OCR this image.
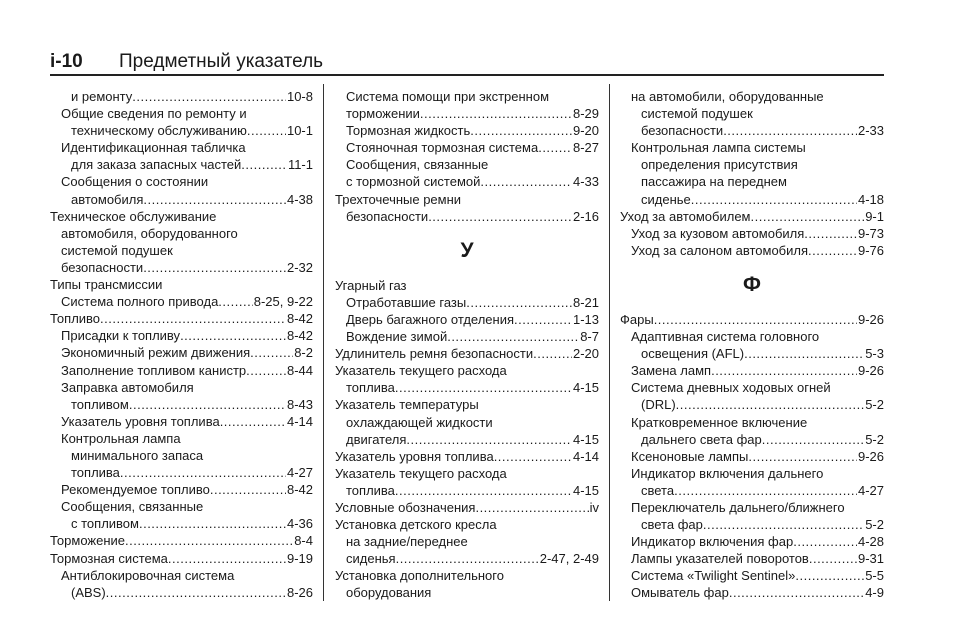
i-10 Предметный указатель
и ремонту .....	10-8
Общие сведения по ремонту и
техническому обслуживанию .....	10-1
Идентификационная табличка
для заказа запасных частей .....	11-1
Сообщения о состоянии
автомобиля .....	4-38
Техническое обслуживание
автомобиля, оборудованного
системой подушек
безопасности .....	2-32
Типы трансмиссии
Система полного привода .....	8-25, 9-22
Топливо .....	8-42
Присадки к топливу .....	8-42
Экономичный режим движения .....	8-2
Заполнение топливом канистр .....	8-44
Заправка автомобиля
топливом .....	8-43
Указатель уровня топлива .....	4-14
Контрольная лампа
минимального запаса
топлива .....	4-27
Рекомендуемое топливо .....	8-42
Сообщения, связанные
с топливом .....	4-36
Торможение .....	8-4
Тормозная система .....	9-19
Антиблокировочная система
(ABS) .....	8-26
Система помощи при экстренном
торможении .....	8-29
Тормозная жидкость .....	9-20
Стояночная тормозная система .....	8-27
Сообщения, связанные
с тормозной системой .....	4-33
Трехточечные ремни
безопасности .....	2-16
У
Угарный газ
Отработавшие газы .....	8-21
Дверь багажного отделения .....	1-13
Вождение зимой .....	8-7
Удлинитель ремня безопасности .....	2-20
Указатель текущего расхода
топлива .....	4-15
Указатель температуры
охлаждающей жидкости
двигателя .....	4-15
Указатель уровня топлива .....	4-14
Указатель текущего расхода
топлива .....	4-15
Условные обозначения .....	iv
Установка детского кресла
на задние/переднее
сиденья .....	2-47, 2-49
Установка дополнительного
оборудования
на автомобили, оборудованные
системой подушек
безопасности .....	2-33
Контрольная лампа системы
определения присутствия
пассажира на переднем
сиденье .....	4-18
Уход за автомобилем .....	9-1
Уход за кузовом автомобиля .....	9-73
Уход за салоном автомобиля .....	9-76
Ф
Фары .....	9-26
Адаптивная система головного
освещения (AFL) .....	5-3
Замена ламп .....	9-26
Система дневных ходовых огней
(DRL) .....	5-2
Кратковременное включение
дальнего света фар .....	5-2
Ксеноновые лампы .....	9-26
Индикатор включения дальнего
света .....	4-27
Переключатель дальнего/ближнего
света фар .....	5-2
Индикатор включения фар .....	4-28
Лампы указателей поворотов .....	9-31
Система «Twilight Sentinel» .....	5-5
Омыватель фар .....	4-9
